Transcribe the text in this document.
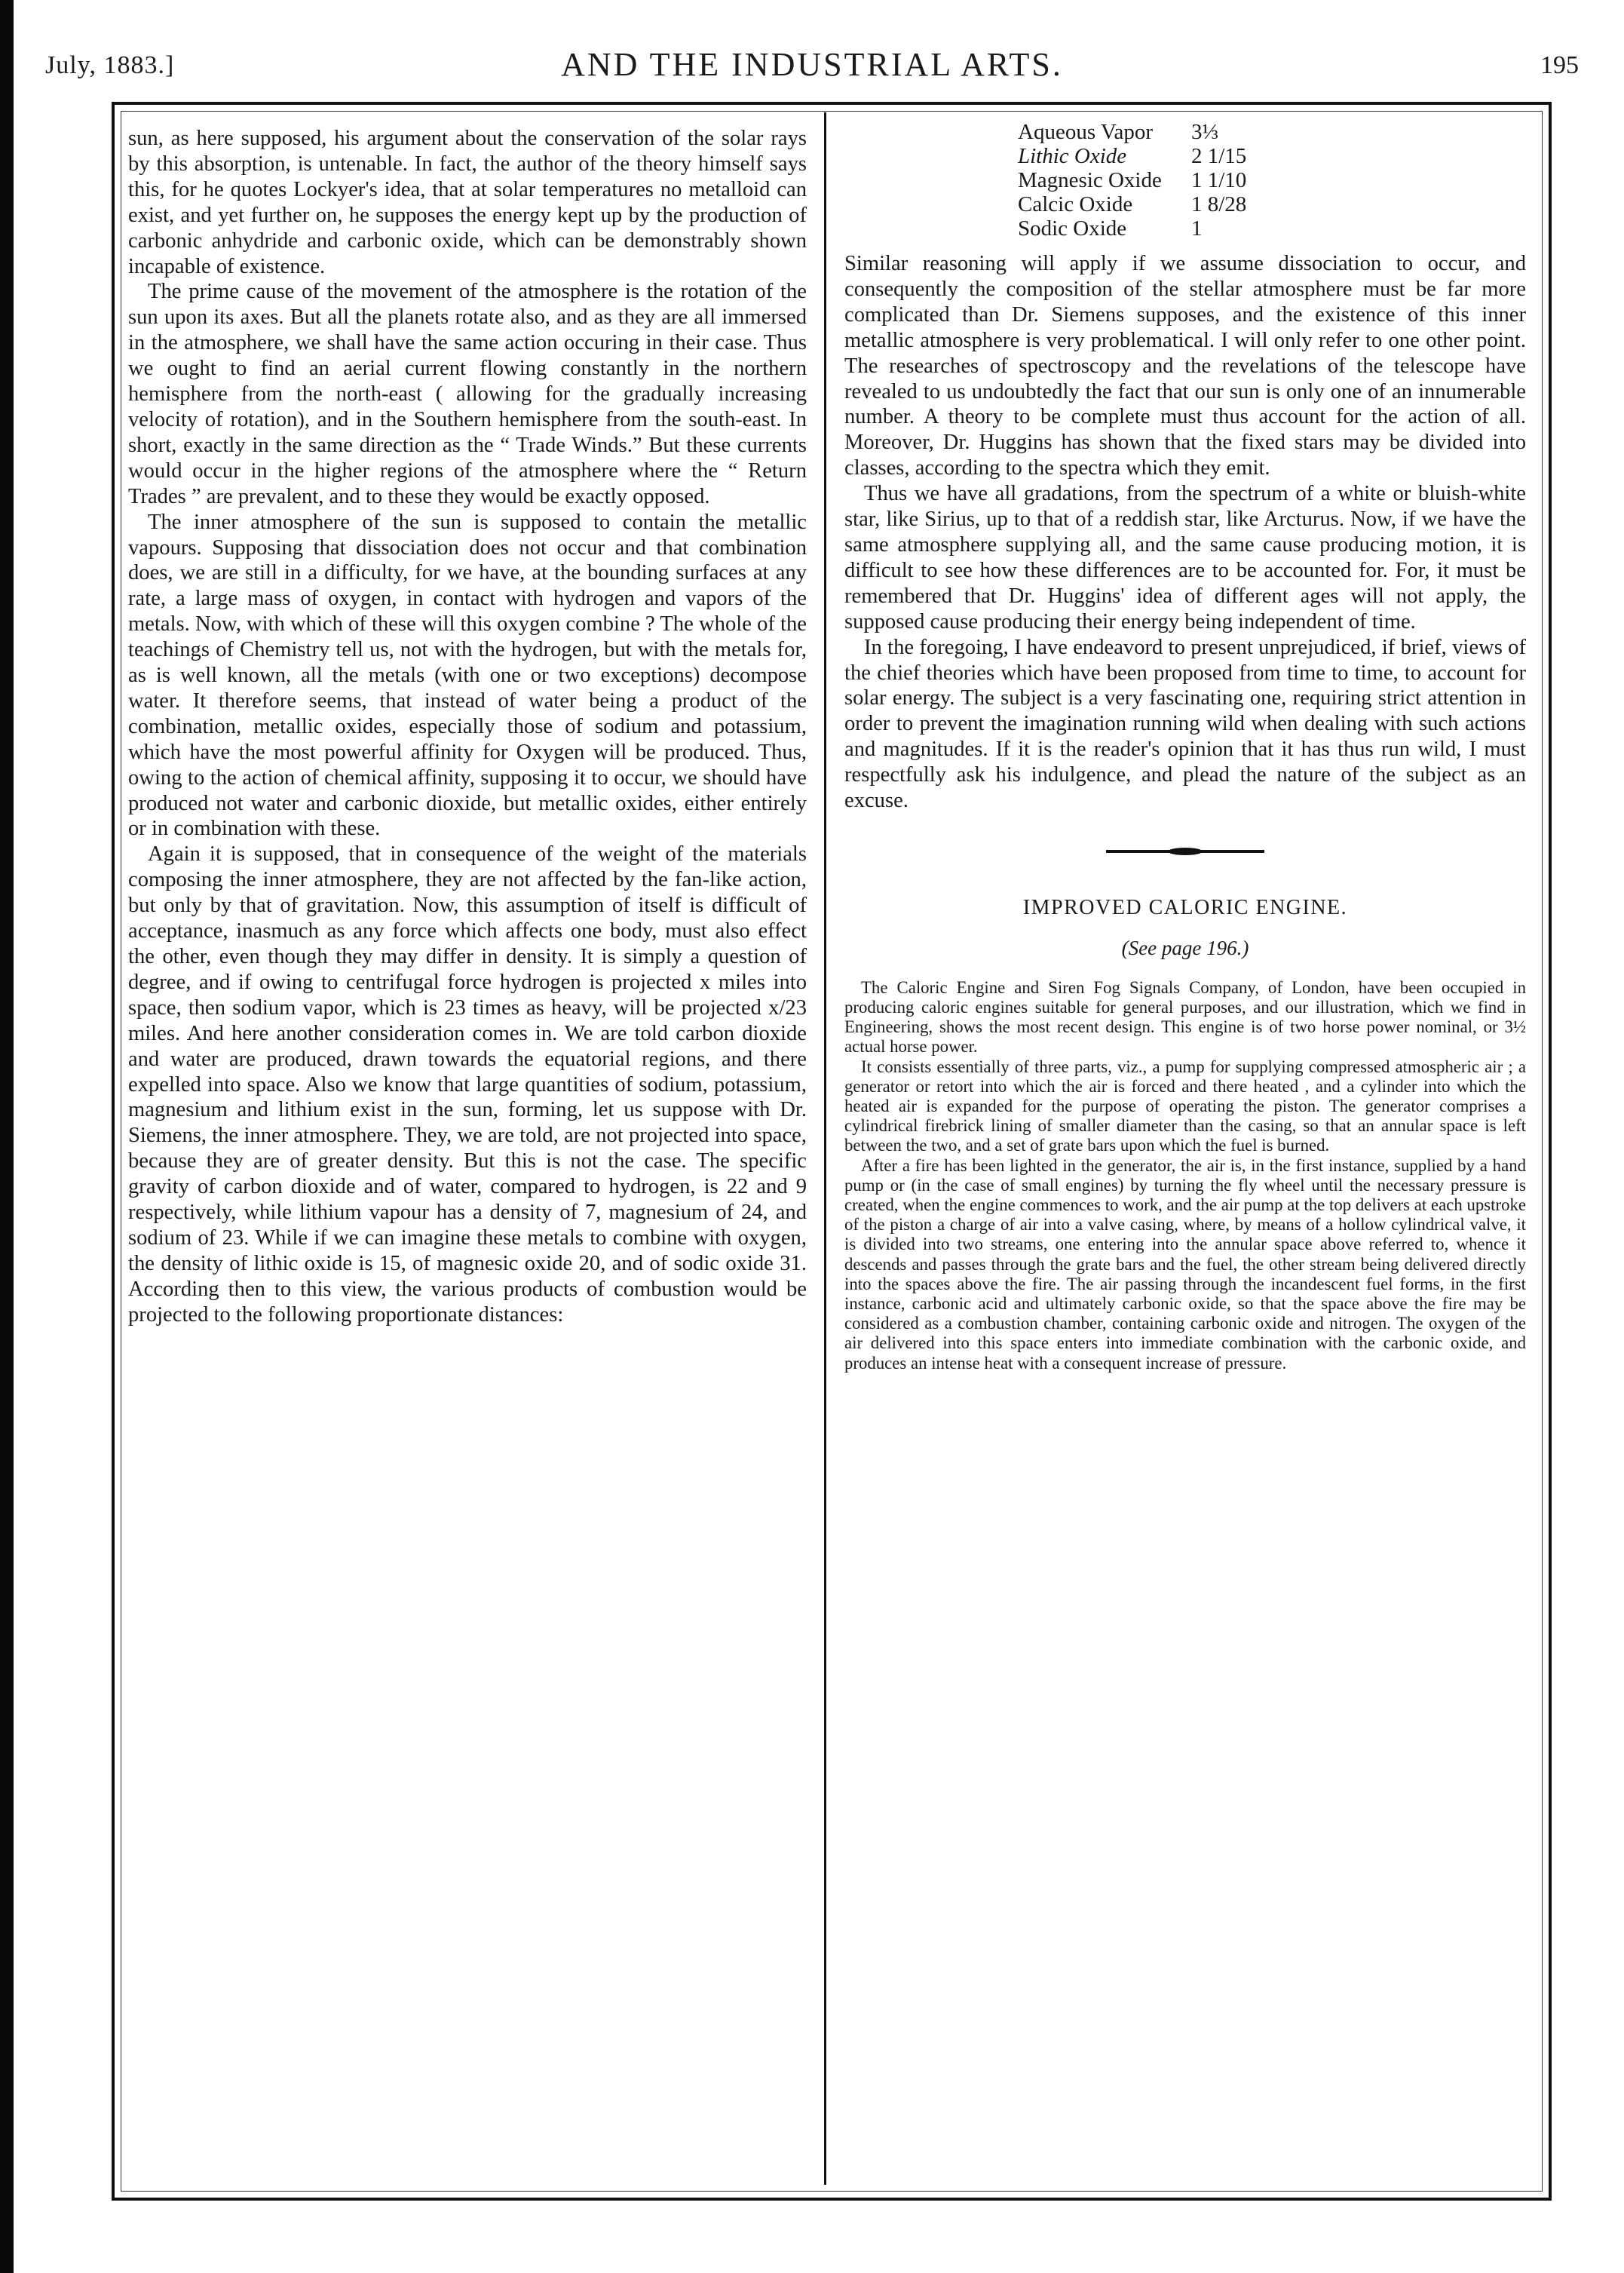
July, 1883.]	AND THE INDUSTRIAL ARTS.	195

sun, as here supposed, his argument about the conservation of the solar rays by this absorption, is untenable. In fact, the author of the theory himself says this, for he quotes Lockyer's idea, that at solar temperatures no metalloid can exist, and yet further on, he supposes the energy kept up by the production of carbonic anhydride and carbonic oxide, which can be demonstrably shown incapable of existence.

The prime cause of the movement of the atmosphere is the rotation of the sun upon its axes. But all the planets rotate also, and as they are all immersed in the atmosphere, we shall have the same action occuring in their case. Thus we ought to find an aerial current flowing constantly in the northern hemisphere from the north-east ( allowing for the gradually increasing velocity of rotation), and in the Southern hemisphere from the south-east. In short, exactly in the same direction as the “ Trade Winds.” But these currents would occur in the higher regions of the atmosphere where the “ Return Trades ” are prevalent, and to these they would be exactly opposed.

The inner atmosphere of the sun is supposed to contain the metallic vapours. Supposing that dissociation does not occur and that combination does, we are still in a difficulty, for we have, at the bounding surfaces at any rate, a large mass of oxygen, in contact with hydrogen and vapors of the metals. Now, with which of these will this oxygen combine ? The whole of the teachings of Chemistry tell us, not with the hydrogen, but with the metals for, as is well known, all the metals (with one or two exceptions) decompose water. It therefore seems, that instead of water being a product of the combination, metallic oxides, especially those of sodium and potassium, which have the most powerful affinity for Oxygen will be produced. Thus, owing to the action of chemical affinity, supposing it to occur, we should have produced not water and carbonic dioxide, but metallic oxides, either entirely or in combination with these.

Again it is supposed, that in consequence of the weight of the materials composing the inner atmosphere, they are not affected by the fan-like action, but only by that of gravitation. Now, this assumption of itself is difficult of acceptance, inasmuch as any force which affects one body, must also effect the other, even though they may differ in density. It is simply a question of degree, and if owing to centrifugal force hydrogen is projected x miles into space, then sodium vapor, which is 23 times as heavy, will be projected x/23 miles. And here another consideration comes in. We are told carbon dioxide and water are produced, drawn towards the equatorial regions, and there expelled into space. Also we know that large quantities of sodium, potassium, magnesium and lithium exist in the sun, forming, let us suppose with Dr. Siemens, the inner atmosphere. They, we are told, are not projected into space, because they are of greater density. But this is not the case. The specific gravity of carbon dioxide and of water, compared to hydrogen, is 22 and 9 respectively, while lithium vapour has a density of 7, magnesium of 24, and sodium of 23. While if we can imagine these metals to combine with oxygen, the density of lithic oxide is 15, of magnesic oxide 20, and of sodic oxide 31. According then to this view, the various products of combustion would be projected to the following proportionate distances:

Aqueous Vapor	3⅓
Lithic Oxide	2 1/15
Magnesic Oxide	1 1/10
Calcic Oxide	1 8/28
Sodic Oxide	1

Similar reasoning will apply if we assume dissociation to occur, and consequently the composition of the stellar atmosphere must be far more complicated than Dr. Siemens supposes, and the existence of this inner metallic atmosphere is very problematical. I will only refer to one other point. The researches of spectroscopy and the revelations of the telescope have revealed to us undoubtedly the fact that our sun is only one of an innumerable number. A theory to be complete must thus account for the action of all. Moreover, Dr. Huggins has shown that the fixed stars may be divided into classes, according to the spectra which they emit.

Thus we have all gradations, from the spectrum of a white or bluish-white star, like Sirius, up to that of a reddish star, like Arcturus. Now, if we have the same atmosphere supplying all, and the same cause producing motion, it is difficult to see how these differences are to be accounted for. For, it must be remembered that Dr. Huggins' idea of different ages will not apply, the supposed cause producing their energy being independent of time.

In the foregoing, I have endeavord to present unprejudiced, if brief, views of the chief theories which have been proposed from time to time, to account for solar energy. The subject is a very fascinating one, requiring strict attention in order to prevent the imagination running wild when dealing with such actions and magnitudes. If it is the reader's opinion that it has thus run wild, I must respectfully ask his indulgence, and plead the nature of the subject as an excuse.

IMPROVED CALORIC ENGINE.
(See page 196.)

The Caloric Engine and Siren Fog Signals Company, of London, have been occupied in producing caloric engines suitable for general purposes, and our illustration, which we find in Engineering, shows the most recent design. This engine is of two horse power nominal, or 3½ actual horse power.

It consists essentially of three parts, viz., a pump for supplying compressed atmospheric air ; a generator or retort into which the air is forced and there heated , and a cylinder into which the heated air is expanded for the purpose of operating the piston. The generator comprises a cylindrical firebrick lining of smaller diameter than the casing, so that an annular space is left between the two, and a set of grate bars upon which the fuel is burned.

After a fire has been lighted in the generator, the air is, in the first instance, supplied by a hand pump or (in the case of small engines) by turning the fly wheel until the necessary pressure is created, when the engine commences to work, and the air pump at the top delivers at each upstroke of the piston a charge of air into a valve casing, where, by means of a hollow cylindrical valve, it is divided into two streams, one entering into the annular space above referred to, whence it descends and passes through the grate bars and the fuel, the other stream being delivered directly into the spaces above the fire. The air passing through the incandescent fuel forms, in the first instance, carbonic acid and ultimately carbonic oxide, so that the space above the fire may be considered as a combustion chamber, containing carbonic oxide and nitrogen. The oxygen of the air delivered into this space enters into immediate combination with the carbonic oxide, and produces an intense heat with a consequent increase of pressure.
